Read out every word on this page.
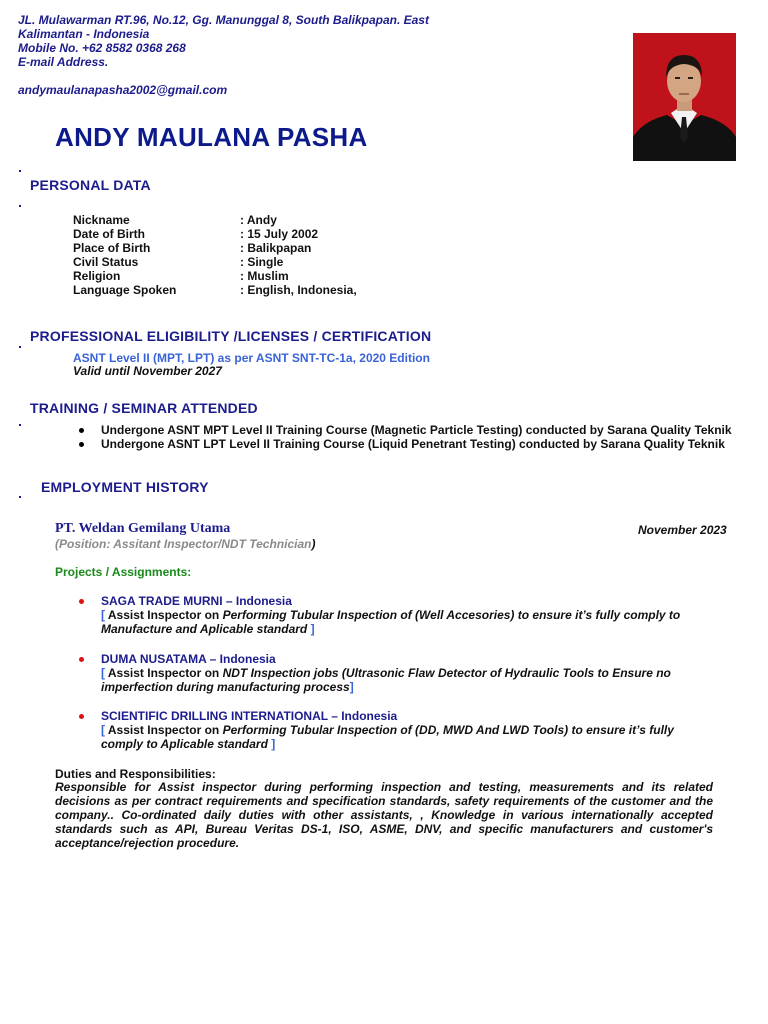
JL. Mulawarman RT.96, No.12, Gg. Manunggal 8, South Balikpapan. East
Kalimantan - Indonesia
Mobile No. +62 8582 0368 268
E-mail Address.
andymaulanapasha2002@gmail.com
ANDY MAULANA PASHA
PERSONAL DATA
Nickname	: Andy
Date of Birth	: 15 July 2002
Place of Birth	: Balikpapan
Civil Status	: Single
Religion	: Muslim
Language Spoken	: English, Indonesia,
PROFESSIONAL ELIGIBILITY /LICENSES / CERTIFICATION
ASNT Level II (MPT, LPT) as per ASNT SNT-TC-1a, 2020 Edition
Valid until November 2027
TRAINING / SEMINAR ATTENDED
Undergone ASNT MPT Level II Training Course (Magnetic Particle Testing) conducted by Sarana Quality Teknik
Undergone ASNT LPT Level II Training Course (Liquid Penetrant Testing) conducted by Sarana Quality Teknik
EMPLOYMENT HISTORY
PT. Weldan Gemilang Utama	November 2023
(Position: Assitant Inspector/NDT Technician)
Projects / Assignments:
SAGA TRADE MURNI – Indonesia
[ Assist Inspector on Performing Tubular Inspection of (Well Accesories) to ensure it’s fully comply to Manufacture and Aplicable standard ]
DUMA NUSATAMA – Indonesia
[ Assist Inspector on NDT Inspection jobs (Ultrasonic Flaw Detector of Hydraulic Tools to Ensure no imperfection during manufacturing process]
SCIENTIFIC DRILLING INTERNATIONAL – Indonesia
[ Assist Inspector on Performing Tubular Inspection of (DD, MWD And LWD Tools) to ensure it’s fully comply to Aplicable standard ]
Duties and Responsibilities:
Responsible for Assist inspector during performing inspection and testing, measurements and its related decisions as per contract requirements and specification standards, safety requirements of the customer and the company.. Co-ordinated daily duties with other assistants, , Knowledge in various internationally accepted standards such as API, Bureau Veritas DS-1, ISO, ASME, DNV, and specific manufacturers and customer's acceptance/rejection procedure.
